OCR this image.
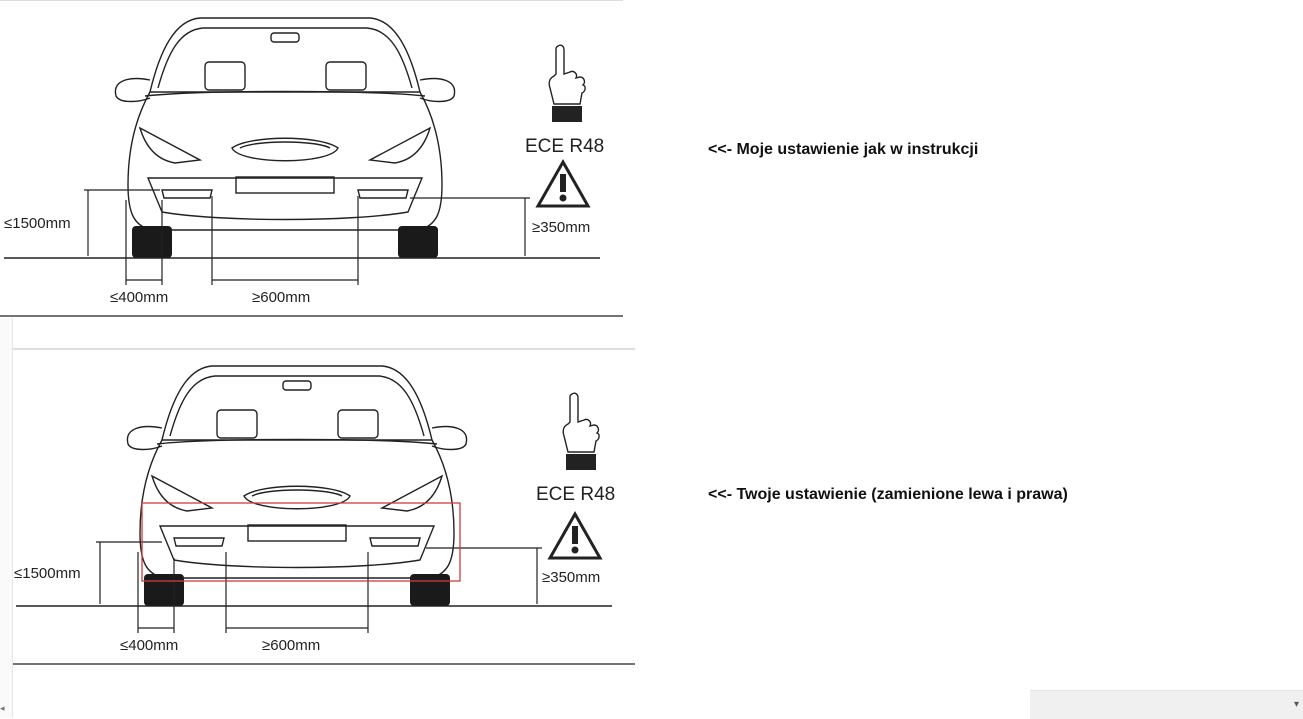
≤1500mm	≥350mm
≤400mm	≥600mm
ECE R48	<<- Moje ustawienie jak w instrukcji
≤1500mm	≥350mm
≤400mm	≥600mm
ECE R48	<<- Twoje ustawienie (zamienione lewa i prawa)
◂	▾
